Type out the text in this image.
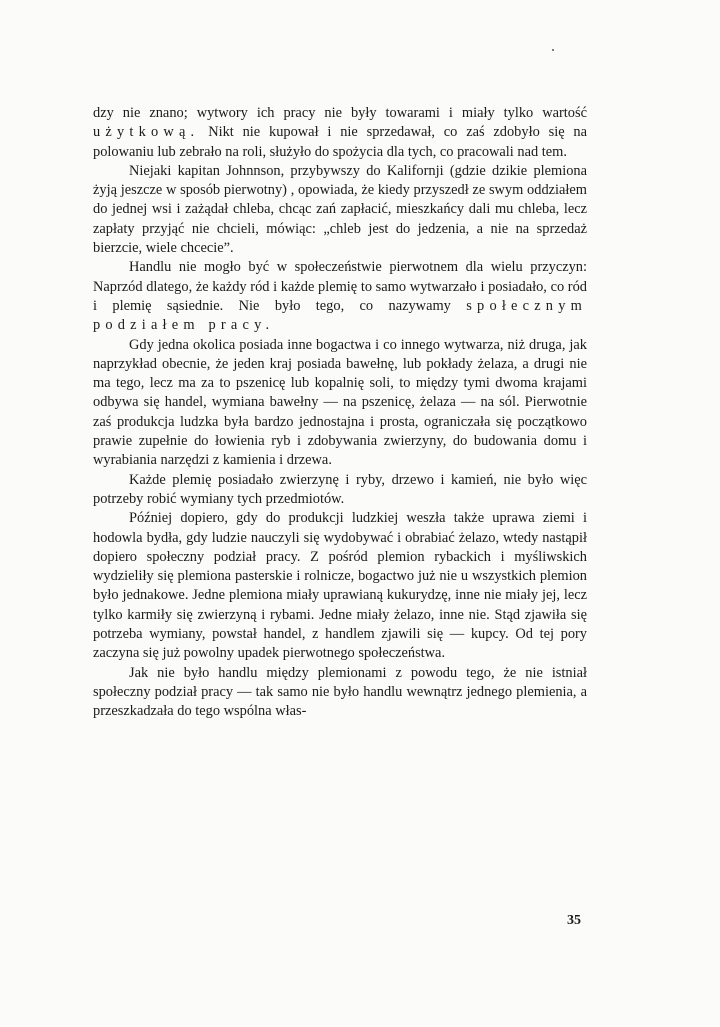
dzy nie znano; wytwory ich pracy nie były towarami i miały tylko wartość użytkową. Nikt nie kupował i nie sprzedawał, co zaś zdobyło się na polowaniu lub zebrało na roli, służyło do spożycia dla tych, co pracowali nad tem.

Niejaki kapitan Johnnson, przybywszy do Kalifornji (gdzie dzikie plemiona żyją jeszcze w sposób pierwotny) , opowiada, że kiedy przyszedł ze swym oddziałem do jednej wsi i zażądał chleba, chcąc zań zapłacić, mieszkańcy dali mu chleba, lecz zapłaty przyjąć nie chcieli, mówiąc: „chleb jest do jedzenia, a nie na sprzedaż bierzcie, wiele chcecie”.

Handlu nie mogło być w społeczeństwie pierwotnem dla wielu przyczyn: Naprzód dlatego, że każdy ród i każde plemię to samo wytwarzało i posiadało, co ród i plemię sąsiednie. Nie było tego, co nazywamy społecznym podziałem pracy.

Gdy jedna okolica posiada inne bogactwa i co innego wytwarza, niż druga, jak naprzykład obecnie, że jeden kraj posiada bawełnę, lub pokłady żelaza, a drugi nie ma tego, lecz ma za to pszenicę lub kopalnię soli, to między tymi dwoma krajami odbywa się handel, wymiana bawełny — na pszenicę, żelaza — na sól. Pierwotnie zaś produkcja ludzka była bardzo jednostajna i prosta, ograniczała się początkowo prawie zupełnie do łowienia ryb i zdobywania zwierzyny, do budowania domu i wyrabiania narzędzi z kamienia i drzewa.

Każde plemię posiadało zwierzynę i ryby, drzewo i kamień, nie było więc potrzeby robić wymiany tych przedmiotów.

Później dopiero, gdy do produkcji ludzkiej weszła także uprawa ziemi i hodowla bydła, gdy ludzie nauczyli się wydobywać i obrabiać żelazo, wtedy nastąpił dopiero społeczny podział pracy. Z pośród plemion rybackich i myśliwskich wydzieliły się plemiona pasterskie i rolnicze, bogactwo już nie u wszystkich plemion było jednakowe. Jedne plemiona miały uprawianą kukurydzę, inne nie miały jej, lecz tylko karmiły się zwierzyną i rybami. Jedne miały żelazo, inne nie. Stąd zjawiła się potrzeba wymiany, powstał handel, z handlem zjawili się — kupcy. Od tej pory zaczyna się już powolny upadek pierwotnego społeczeństwa.

Jak nie było handlu między plemionami z powodu tego, że nie istniał społeczny podział pracy — tak samo nie było handlu wewnątrz jednego plemienia, a przeszkadzała do tego wspólna włas-

35
